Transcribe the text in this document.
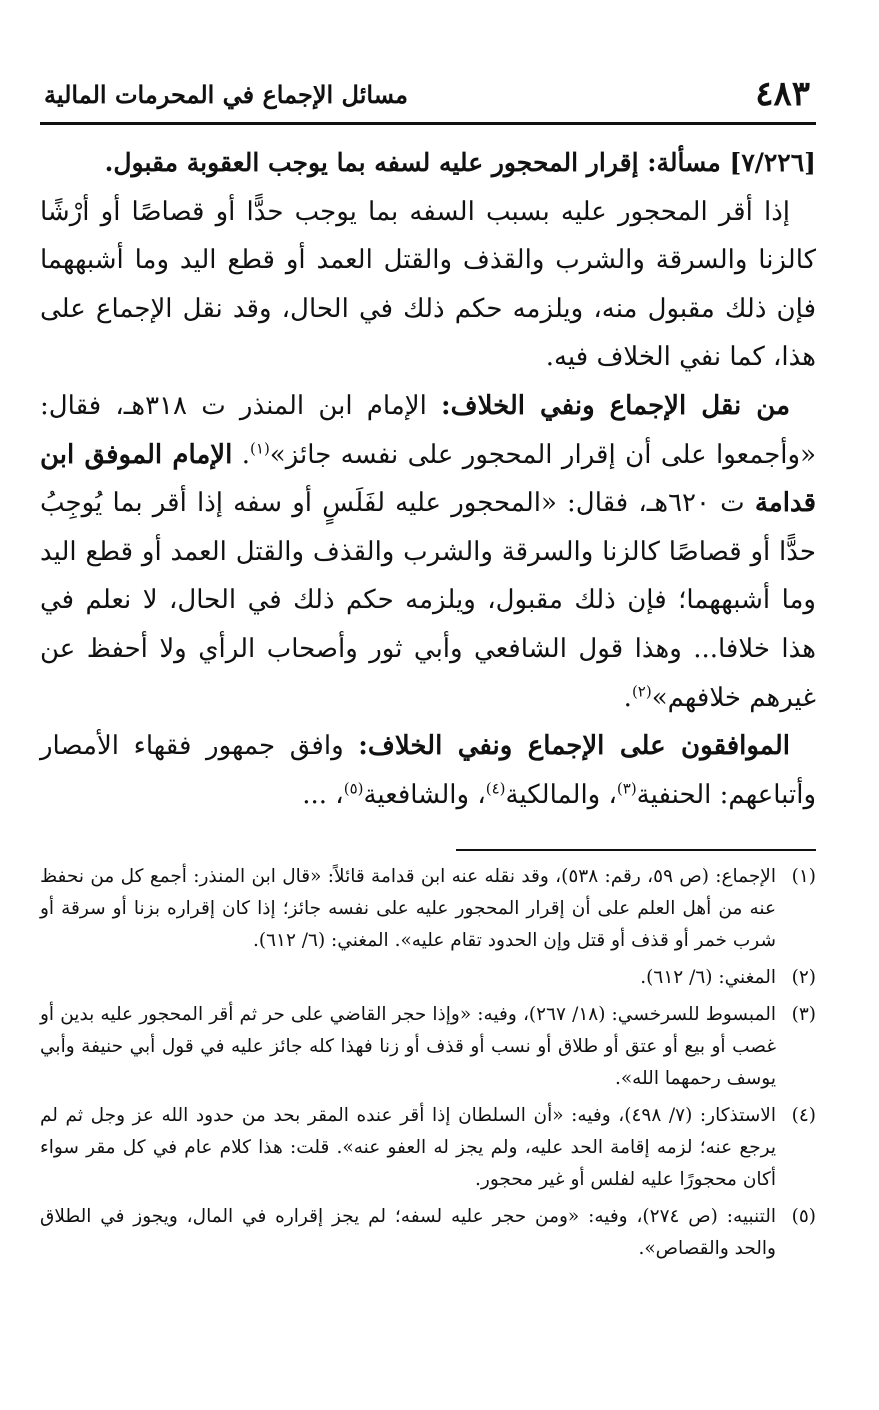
٤٨٣
مسائل الإجماع في المحرمات المالية

[٧/٢٢٦] مسألة: إقرار المحجور عليه لسفه بما يوجب العقوبة مقبول.

إذا أقر المحجور عليه بسبب السفه بما يوجب حدًّا أو قصاصًا أو أرْشًا كالزنا والسرقة والشرب والقذف والقتل العمد أو قطع اليد وما أشبههما فإن ذلك مقبول منه، ويلزمه حكم ذلك في الحال، وقد نقل الإجماع على هذا، كما نفي الخلاف فيه.

من نقل الإجماع ونفي الخلاف: الإمام ابن المنذر ت ٣١٨هـ، فقال: «وأجمعوا على أن إقرار المحجور على نفسه جائز»$^{(١)}$. الإمام الموفق ابن قدامة ت ٦٢٠هـ، فقال: «المحجور عليه لفَلَسٍ أو سفه إذا أقر بما يُوجِبُ حدًّا أو قصاصًا كالزنا والسرقة والشرب والقذف والقتل العمد أو قطع اليد وما أشبههما؛ فإن ذلك مقبول، ويلزمه حكم ذلك في الحال، لا نعلم في هذا خلافا... وهذا قول الشافعي وأبي ثور وأصحاب الرأي ولا أحفظ عن غيرهم خلافهم»$^{(٢)}$.

الموافقون على الإجماع ونفي الخلاف: وافق جمهور فقهاء الأمصار وأتباعهم: الحنفية$^{(٣)}$، والمالكية$^{(٤)}$، والشافعية$^{(٥)}$، ...

(١)
الإجماع: (ص ٥٩، رقم: ٥٣٨)، وقد نقله عنه ابن قدامة قائلاً: «قال ابن المنذر: أجمع كل من نحفظ عنه من أهل العلم على أن إقرار المحجور عليه على نفسه جائز؛ إذا كان إقراره بزنا أو سرقة أو شرب خمر أو قذف أو قتل وإن الحدود تقام عليه». المغني: (٦/ ٦١٢).
(٢)
المغني: (٦/ ٦١٢).
(٣)
المبسوط للسرخسي: (١٨/ ٢٦٧)، وفيه: «وإذا حجر القاضي على حر ثم أقر المحجور عليه بدين أو غصب أو بيع أو عتق أو طلاق أو نسب أو قذف أو زنا فهذا كله جائز عليه في قول أبي حنيفة وأبي يوسف رحمهما الله».
(٤)
الاستذكار: (٧/ ٤٩٨)، وفيه: «أن السلطان إذا أقر عنده المقر بحد من حدود الله عز وجل ثم لم يرجع عنه؛ لزمه إقامة الحد عليه، ولم يجز له العفو عنه». قلت: هذا كلام عام في كل مقر سواء أكان محجورًا عليه لفلس أو غير محجور.
(٥)
التنبيه: (ص ٢٧٤)، وفيه: «ومن حجر عليه لسفه؛ لم يجز إقراره في المال، ويجوز في الطلاق والحد والقصاص».
